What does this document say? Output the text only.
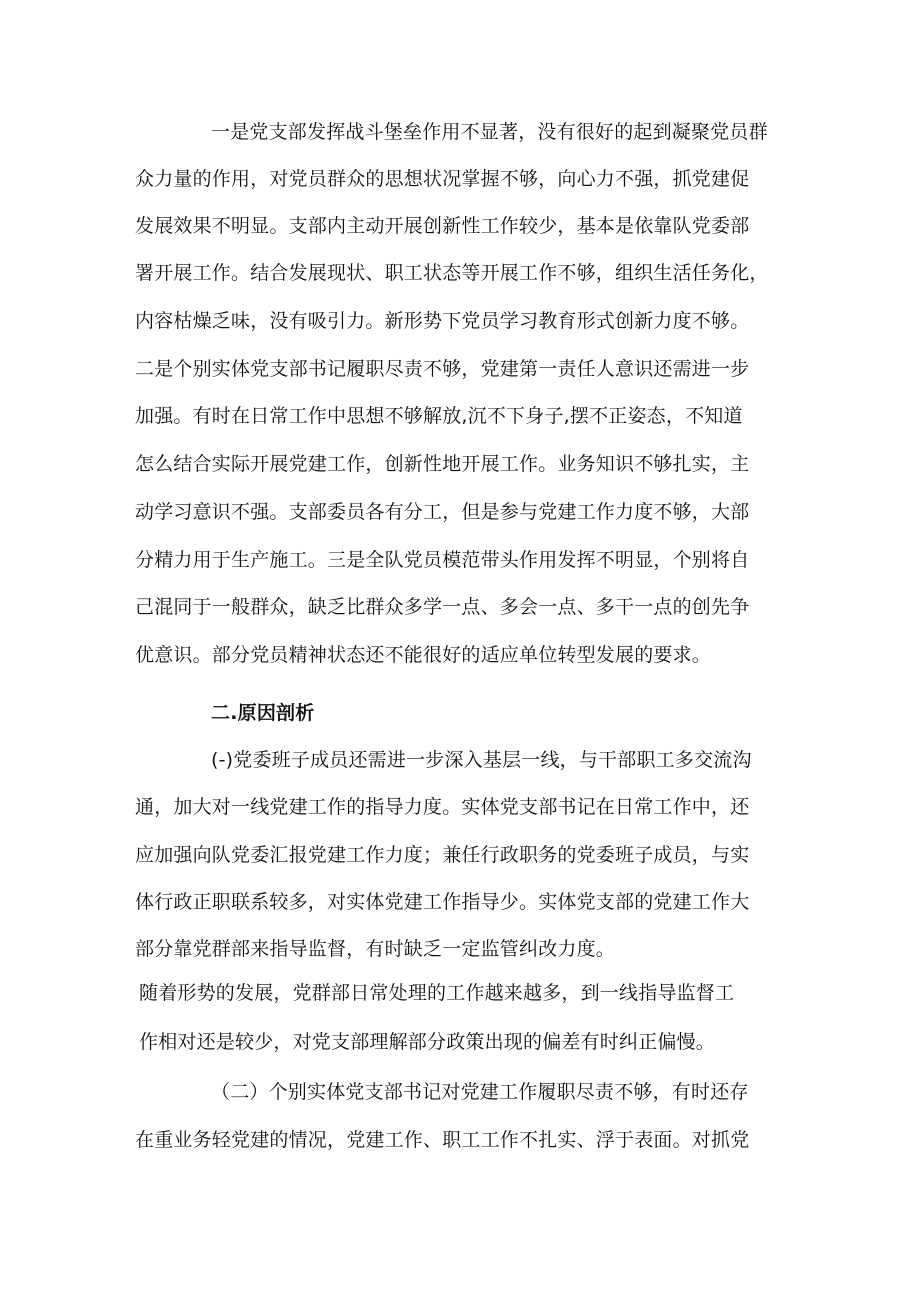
一是党支部发挥战斗堡垒作用不显著，没有很好的起到凝聚党员群
众力量的作用，对党员群众的思想状况掌握不够，向心力不强，抓党建促
发展效果不明显。支部内主动开展创新性工作较少，基本是依靠队党委部
署开展工作。结合发展现状、职工状态等开展工作不够，组织生活任务化，
内容枯燥乏味，没有吸引力。新形势下党员学习教育形式创新力度不够。
二是个别实体党支部书记履职尽责不够，党建第一责任人意识还需进一步
加强。有时在日常工作中思想不够解放,沉不下身子,摆不正姿态，不知道
怎么结合实际开展党建工作，创新性地开展工作。业务知识不够扎实，主
动学习意识不强。支部委员各有分工，但是参与党建工作力度不够，大部
分精力用于生产施工。三是全队党员模范带头作用发挥不明显，个别将自
己混同于一般群众，缺乏比群众多学一点、多会一点、多干一点的创先争
优意识。部分党员精神状态还不能很好的适应单位转型发展的要求。
二.原因剖析
(-)党委班子成员还需进一步深入基层一线，与干部职工多交流沟
通，加大对一线党建工作的指导力度。实体党支部书记在日常工作中，还
应加强向队党委汇报党建工作力度；兼任行政职务的党委班子成员，与实
体行政正职联系较多，对实体党建工作指导少。实体党支部的党建工作大
部分靠党群部来指导监督，有时缺乏一定监管纠改力度。
随着形势的发展，党群部日常处理的工作越来越多，到一线指导监督工
作相对还是较少，对党支部理解部分政策出现的偏差有时纠正偏慢。
（二）个别实体党支部书记对党建工作履职尽责不够，有时还存
在重业务轻党建的情况，党建工作、职工工作不扎实、浮于表面。对抓党
